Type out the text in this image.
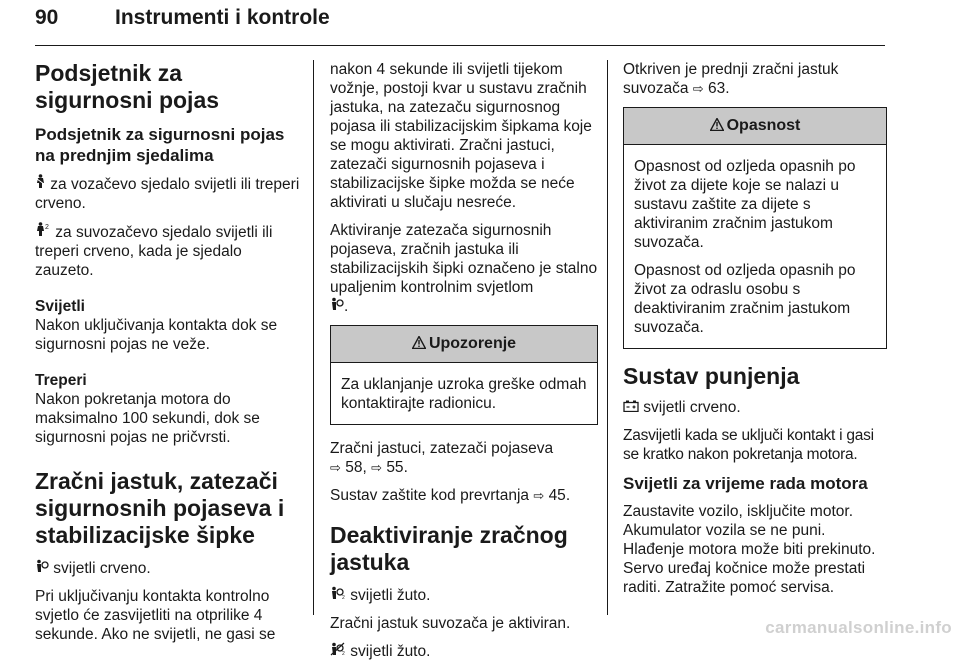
90	Instrumenti i kontrole
Podsjetnik za sigurnosni pojas
Podsjetnik za sigurnosni pojas na prednjim sjedalima

za vozačevo sjedalo svijetli ili treperi crveno.

2 za suvozačevo sjedalo svijetli ili treperi crveno, kada je sjedalo zauzeto.

Svijetli

Nakon uključivanja kontakta dok se sigurnosni pojas ne veže.

Treperi

Nakon pokretanja motora do maksimalno 100 sekundi, dok se sigurnosni pojas ne pričvrsti.

Zračni jastuk, zatezači sigurnosnih pojaseva i stabilizacijske šipke

svijetli crveno.

Pri uključivanju kontakta kontrolno svjetlo će zasvijetliti na otprilike 4 sekunde. Ako ne svijetli, ne gasi se

nakon 4 sekunde ili svijetli tijekom vožnje, postoji kvar u sustavu zračnih jastuka, na zatezaču sigurnosnog pojasa ili stabilizacijskim šipkama koje se mogu aktivirati. Zračni jastuci, zatezači sigurnosnih pojaseva i stabilizacijske šipke možda se neće aktivirati u slučaju nesreće.

Aktiviranje zatezača sigurnosnih pojaseva, zračnih jastuka ili stabilizacijskih šipki označeno je stalno upaljenim kontrolnim svjetlom
.

Upozorenje

Za uklanjanje uzroka greške odmah kontaktirajte radionicu.

Zračni jastuci, zatezači pojaseva
⇨ 58, ⇨ 55.

Sustav zaštite kod prevrtanja ⇨ 45.

Deaktiviranje zračnog jastuka

2 svijetli žuto.

Zračni jastuk suvozača je aktiviran.

2 svijetli žuto.

Otkriven je prednji zračni jastuk suvozača ⇨ 63.

Opasnost

Opasnost od ozljeda opasnih po život za dijete koje se nalazi u sustavu zaštite za dijete s aktiviranim zračnim jastukom suvozača.

Opasnost od ozljeda opasnih po život za odraslu osobu s deaktiviranim zračnim jastukom suvozača.

Sustav punjenja

svijetli crveno.

Zasvijetli kada se uključi kontakt i gasi se kratko nakon pokretanja motora.

Svijetli za vrijeme rada motora

Zaustavite vozilo, isključite motor. Akumulator vozila se ne puni. Hlađenje motora može biti prekinuto. Servo uređaj kočnice može prestati raditi. Zatražite pomoć servisa.

carmanualsonline.info
